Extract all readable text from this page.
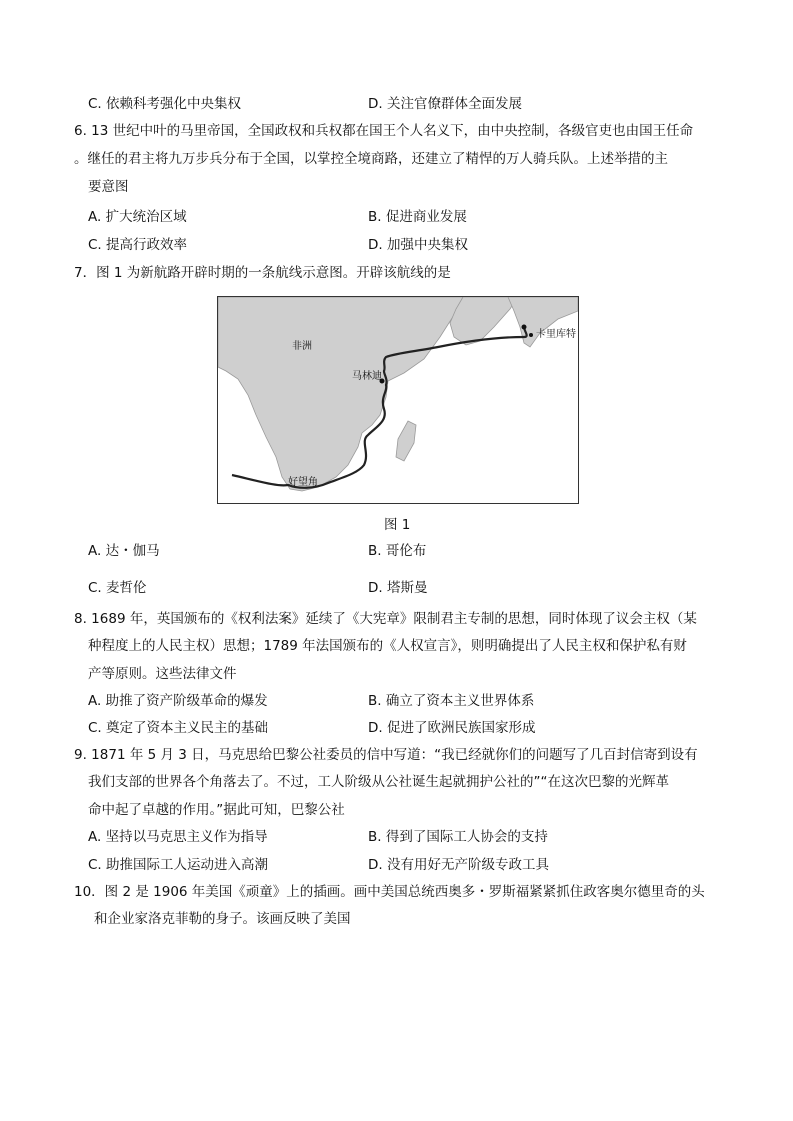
C. 依赖科考强化中央集权	D. 关注官僚群体全面发展
6. 13 世纪中叶的马里帝国，全国政权和兵权都在国王个人名义下，由中央控制，各级官吏也由国王任命
。继任的君主将九万步兵分布于全国，以掌控全境商路，还建立了精悍的万人骑兵队。上述举措的主
要意图
A. 扩大统治区域	B. 促进商业发展
C. 提高行政效率	D. 加强中央集权
7．图 1 为新航路开辟时期的一条航线示意图。开辟该航线的是
非洲
卡里库特
马林迪
好望角
图 1
A. 达・伽马	B. 哥伦布
C. 麦哲伦	D. 塔斯曼
8. 1689 年，英国颁布的《权利法案》延续了《大宪章》限制君主专制的思想，同时体现了议会主权（某
种程度上的人民主权）思想；1789 年法国颁布的《人权宣言》，则明确提出了人民主权和保护私有财
产等原则。这些法律文件
A. 助推了资产阶级革命的爆发	B. 确立了资本主义世界体系
C. 奠定了资本主义民主的基础	D. 促进了欧洲民族国家形成
9. 1871 年 5 月 3 日，马克思给巴黎公社委员的信中写道：“我已经就你们的问题写了几百封信寄到设有
我们支部的世界各个角落去了。不过，工人阶级从公社诞生起就拥护公社的”“在这次巴黎的光辉革
命中起了卓越的作用。”据此可知，巴黎公社
A. 坚持以马克思主义作为指导	B. 得到了国际工人协会的支持
C. 助推国际工人运动进入高潮	D. 没有用好无产阶级专政工具
10．图 2 是 1906 年美国《顽童》上的插画。画中美国总统西奥多・罗斯福紧紧抓住政客奥尔德里奇的头
和企业家洛克菲勒的身子。该画反映了美国
